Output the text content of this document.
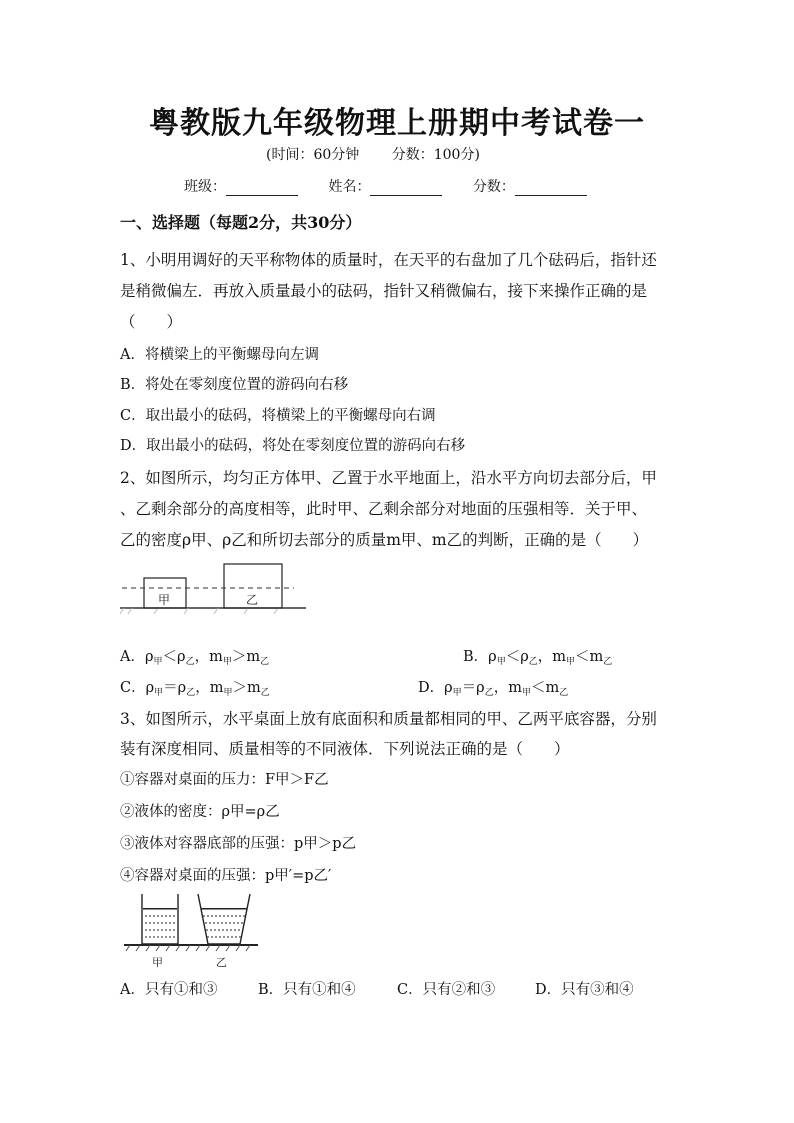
粤教版九年级物理上册期中考试卷一
(时间：60分钟 分数：100分)
班级：	姓名：	分数：
一、选择题（每题2分，共30分）
1、小明用调好的天平称物体的质量时，在天平的右盘加了几个砝码后，指针还
是稍微偏左．再放入质量最小的砝码，指针又稍微偏右，接下来操作正确的是
（　　）
A．将横梁上的平衡螺母向左调
B．将处在零刻度位置的游码向右移
C．取出最小的砝码，将横梁上的平衡螺母向右调
D．取出最小的砝码，将处在零刻度位置的游码向右移
2、如图所示，均匀正方体甲、乙置于水平地面上，沿水平方向切去部分后，甲
、乙剩余部分的高度相等，此时甲、乙剩余部分对地面的压强相等．关于甲、
乙的密度ρ甲、ρ乙和所切去部分的质量m甲、m乙的判断，正确的是（　　）
甲	乙
A．$\rho_甲<\rho_乙$，$m_甲>m_乙$	B．$\rho_甲<\rho_乙$，$m_甲<m_乙$
C．$\rho_甲=\rho_乙$，$m_甲>m_乙$	D．$\rho_甲=\rho_乙$，$m_甲<m_乙$
3、如图所示，水平桌面上放有底面积和质量都相同的甲、乙两平底容器，分别
装有深度相同、质量相等的不同液体．下列说法正确的是（　　）
①容器对桌面的压力：F甲＞F乙
②液体的密度：ρ甲=ρ乙
③液体对容器底部的压强：p甲＞p乙
④容器对桌面的压强：p甲′=p乙′
甲	乙
A．只有①和③	B．只有①和④	C．只有②和③	D．只有③和④
